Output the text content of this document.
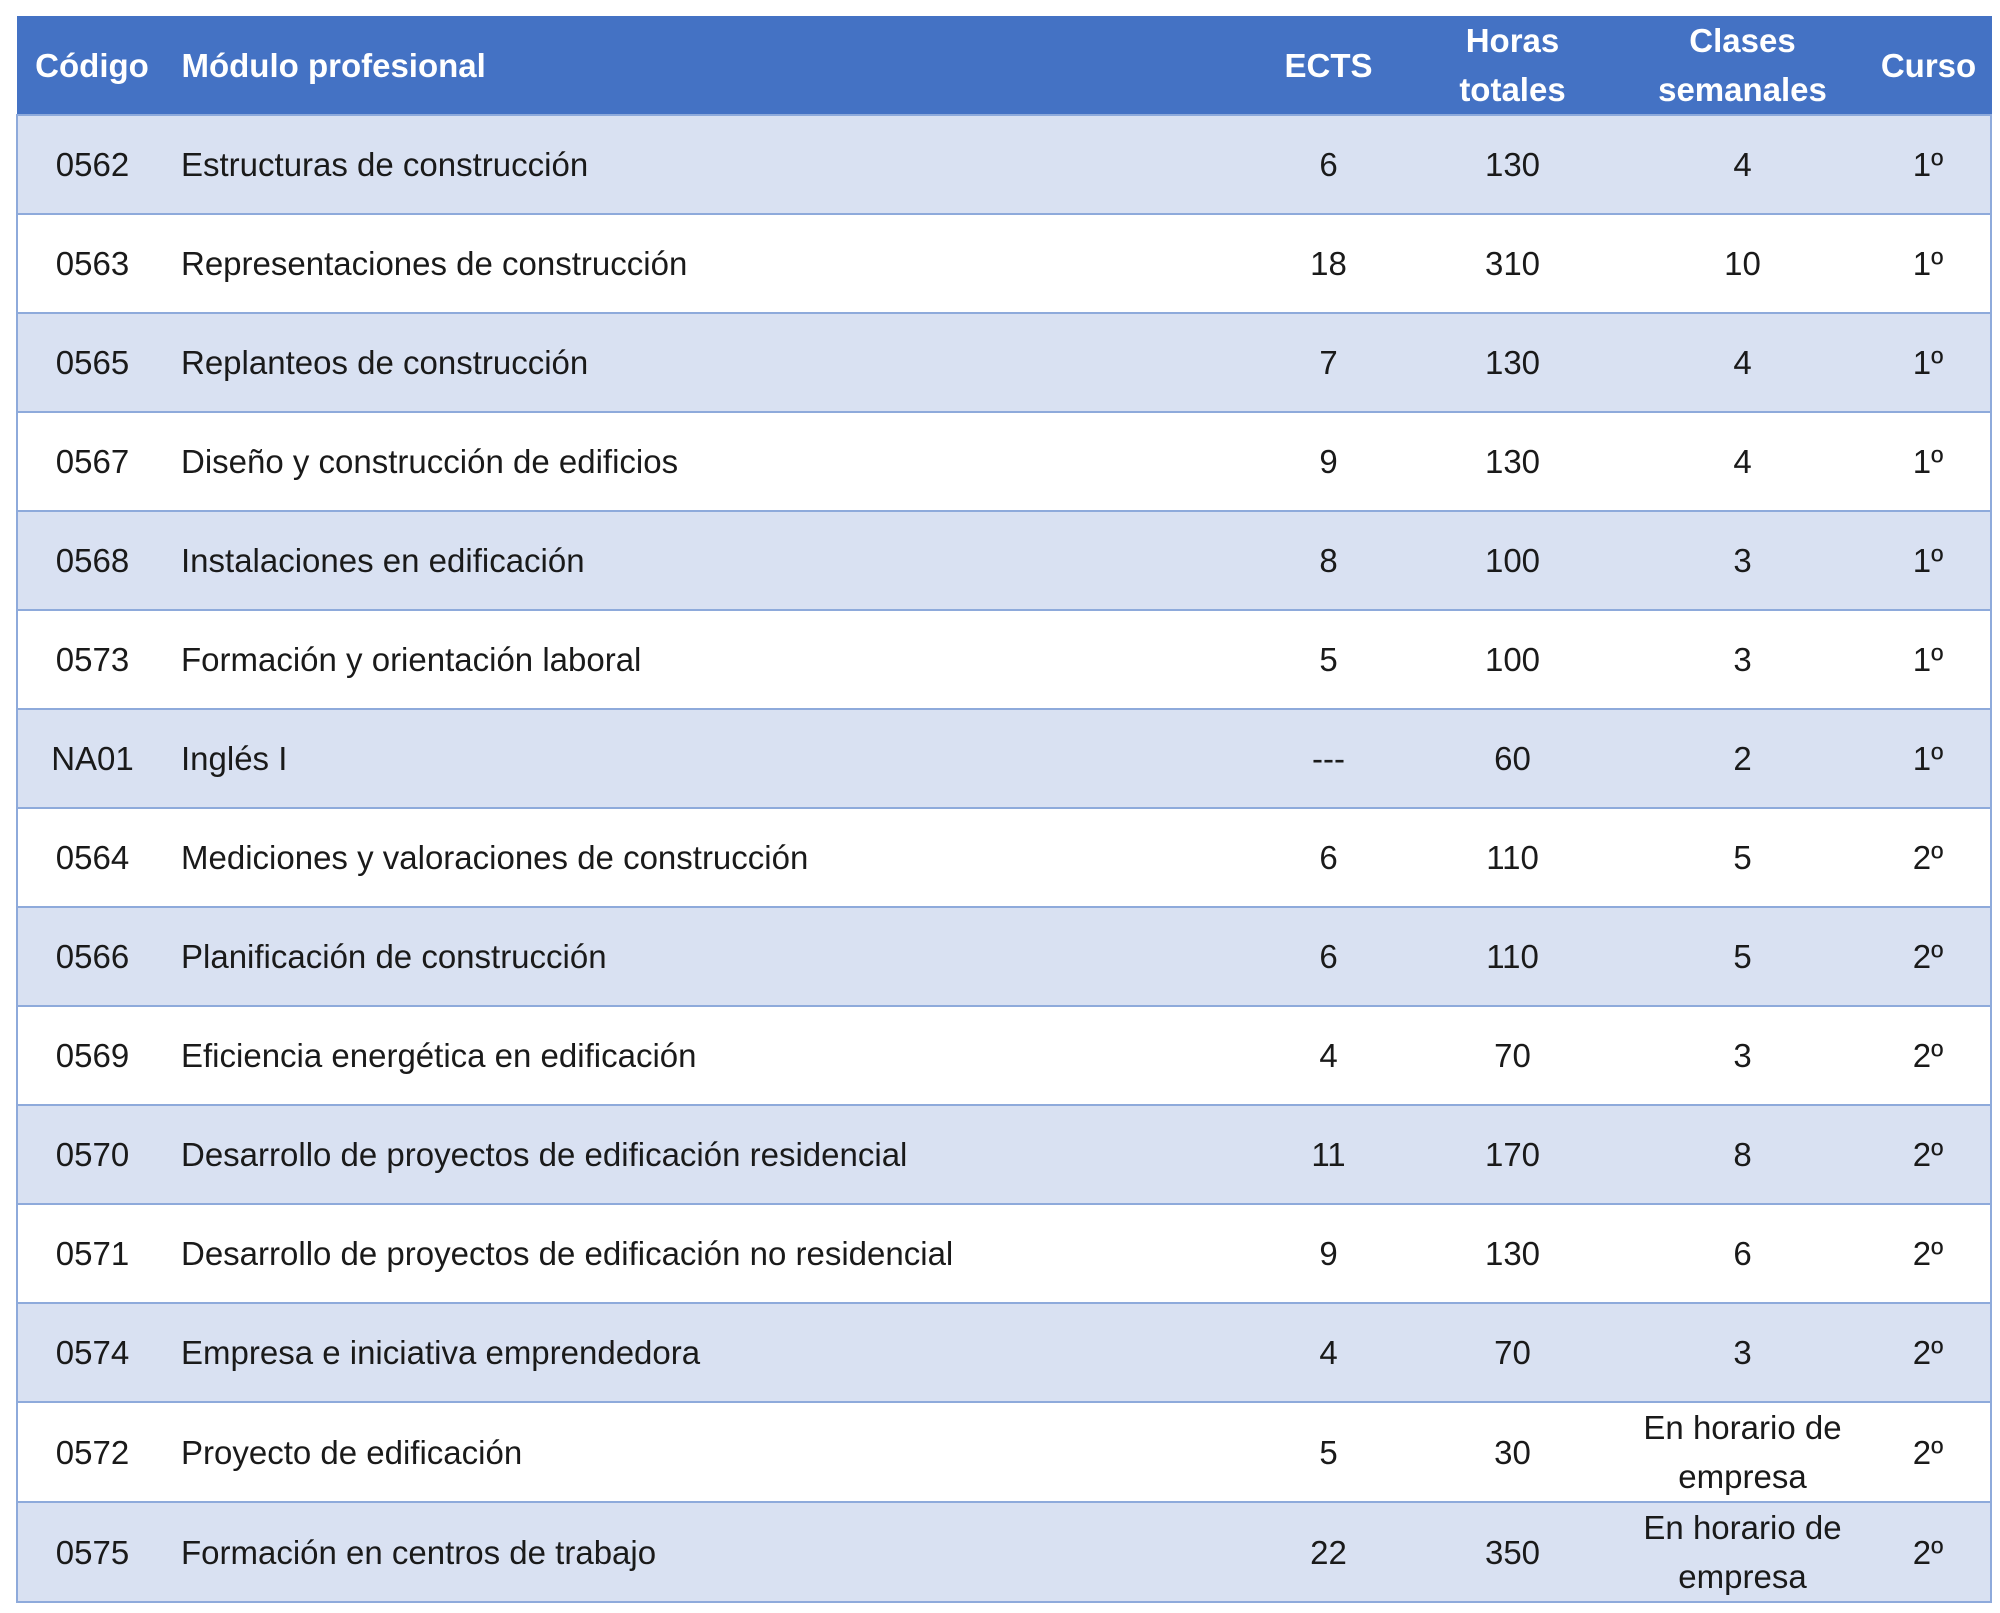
Código	Módulo profesional	ECTS	Horas totales	Clases semanales	Curso
0562	Estructuras de construcción	6	130	4	1º
0563	Representaciones de construcción	18	310	10	1º
0565	Replanteos de construcción	7	130	4	1º
0567	Diseño y construcción de edificios	9	130	4	1º
0568	Instalaciones en edificación	8	100	3	1º
0573	Formación y orientación laboral	5	100	3	1º
NA01	Inglés I	---	60	2	1º
0564	Mediciones y valoraciones de construcción	6	110	5	2º
0566	Planificación de construcción	6	110	5	2º
0569	Eficiencia energética en edificación	4	70	3	2º
0570	Desarrollo de proyectos de edificación residencial	11	170	8	2º
0571	Desarrollo de proyectos de edificación no residencial	9	130	6	2º
0574	Empresa e iniciativa emprendedora	4	70	3	2º
0572	Proyecto de edificación	5	30	En horario de empresa	2º
0575	Formación en centros de trabajo	22	350	En horario de empresa	2º
